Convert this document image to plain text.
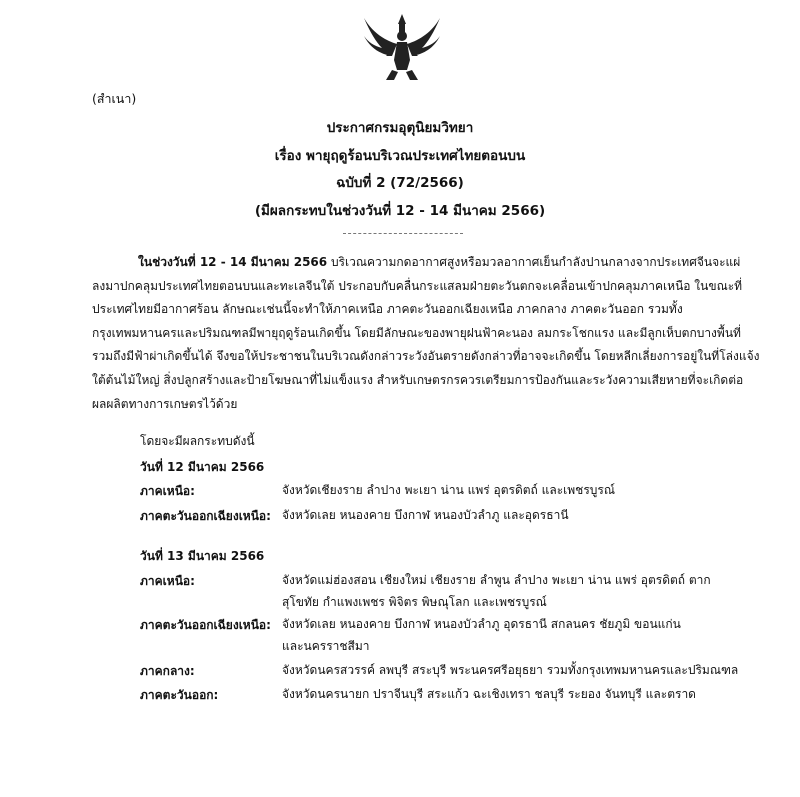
(สำเนา)
ประกาศกรมอุตุนิยมวิทยา
เรื่อง พายุฤดูร้อนบริเวณประเทศไทยตอนบน
ฉบับที่ 2 (72/2566)
(มีผลกระทบในช่วงวันที่ 12 - 14 มีนาคม 2566)
ในช่วงวันที่ 12 - 14 มีนาคม 2566 บริเวณความกดอากาศสูงหรือมวลอากาศเย็นกำลังปานกลางจากประเทศจีนจะแผ่
ลงมาปกคลุมประเทศไทยตอนบนและทะเลจีนใต้ ประกอบกับคลื่นกระแสลมฝ่ายตะวันตกจะเคลื่อนเข้าปกคลุมภาคเหนือ ในขณะที่
ประเทศไทยมีอากาศร้อน ลักษณะเช่นนี้จะทำให้ภาคเหนือ ภาคตะวันออกเฉียงเหนือ ภาคกลาง ภาคตะวันออก รวมทั้ง
กรุงเทพมหานครและปริมณฑลมีพายุฤดูร้อนเกิดขึ้น โดยมีลักษณะของพายุฝนฟ้าคะนอง ลมกระโชกแรง และมีลูกเห็บตกบางพื้นที่
รวมถึงมีฟ้าผ่าเกิดขึ้นได้ จึงขอให้ประชาชนในบริเวณดังกล่าวระวังอันตรายดังกล่าวที่อาจจะเกิดขึ้น โดยหลีกเลี่ยงการอยู่ในที่โล่งแจ้ง
ใต้ต้นไม้ใหญ่ สิ่งปลูกสร้างและป้ายโฆษณาที่ไม่แข็งแรง สำหรับเกษตรกรควรเตรียมการป้องกันและระวังความเสียหายที่จะเกิดต่อ
ผลผลิตทางการเกษตรไว้ด้วย
โดยจะมีผลกระทบดังนี้
วันที่ 12 มีนาคม 2566
ภาคเหนือ:	จังหวัดเชียงราย ลำปาง พะเยา น่าน แพร่ อุตรดิตถ์ และเพชรบูรณ์
ภาคตะวันออกเฉียงเหนือ: จังหวัดเลย หนองคาย บึงกาฬ หนองบัวลำภู และอุดรธานี
วันที่ 13 มีนาคม 2566
ภาคเหนือ:	จังหวัดแม่ฮ่องสอน เชียงใหม่ เชียงราย ลำพูน ลำปาง พะเยา น่าน แพร่ อุตรดิตถ์ ตาก
สุโขทัย กำแพงเพชร พิจิตร พิษณุโลก และเพชรบูรณ์
ภาคตะวันออกเฉียงเหนือ: จังหวัดเลย หนองคาย บึงกาฬ หนองบัวลำภู อุดรธานี สกลนคร ชัยภูมิ ขอนแก่น
และนครราชสีมา
ภาคกลาง:	จังหวัดนครสวรรค์ ลพบุรี สระบุรี พระนครศรีอยุธยา รวมทั้งกรุงเทพมหานครและปริมณฑล
ภาคตะวันออก:	จังหวัดนครนายก ปราจีนบุรี สระแก้ว ฉะเชิงเทรา ชลบุรี ระยอง จันทบุรี และตราด
